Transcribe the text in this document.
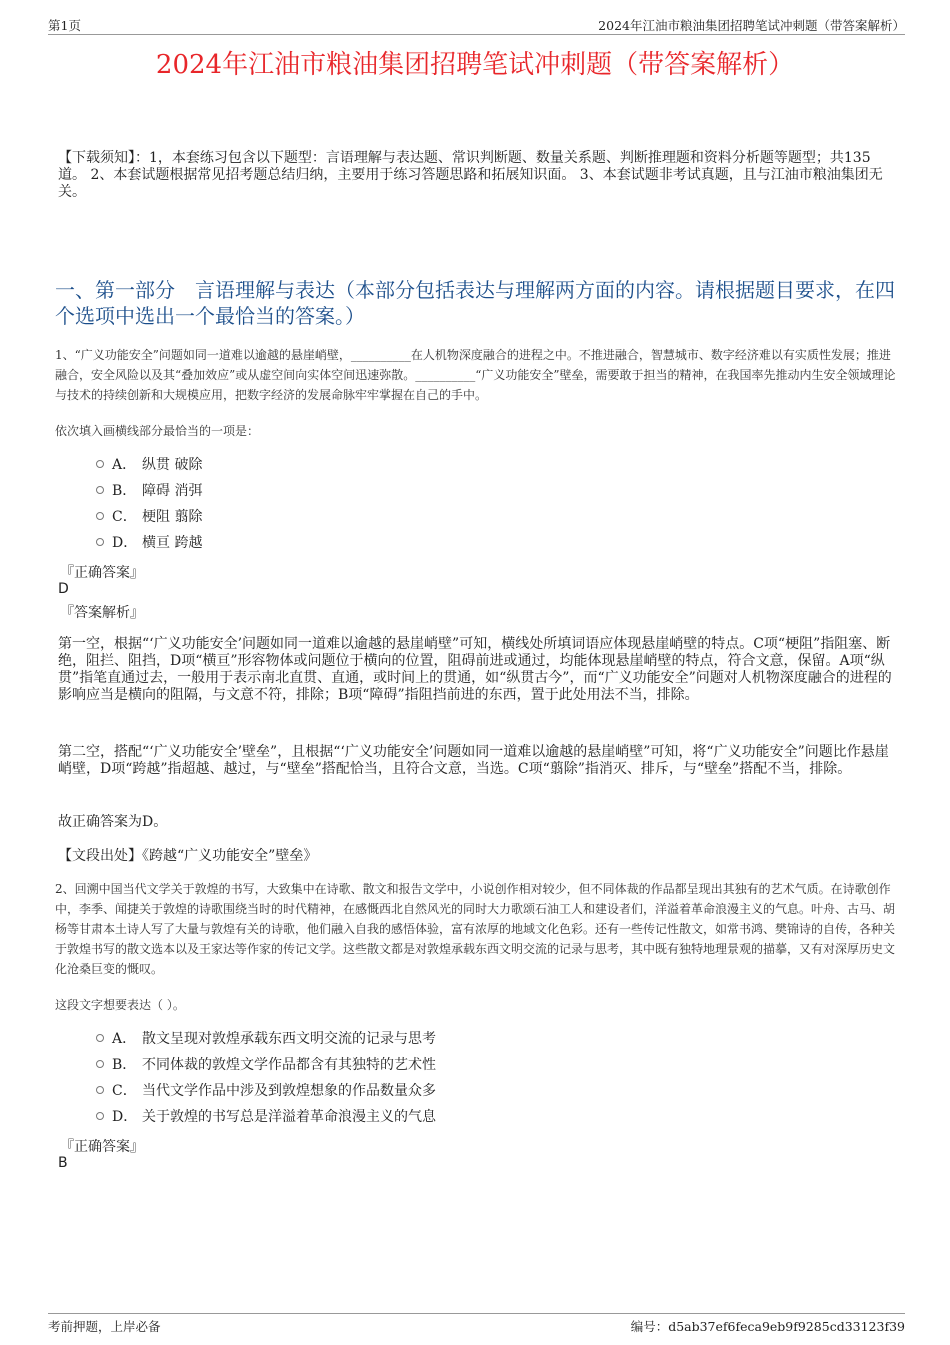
第1页	2024年江油市粮油集团招聘笔试冲刺题（带答案解析）
2024年江油市粮油集团招聘笔试冲刺题（带答案解析）
【下载须知】：1，本套练习包含以下题型：言语理解与表达题、常识判断题、数量关系题、判断推理题和资料分析题等题型；共135道。 2、本套试题根据常见招考题总结归纳，主要用于练习答题思路和拓展知识面。 3、本套试题非考试真题，且与江油市粮油集团无关。
一、第一部分　言语理解与表达（本部分包括表达与理解两方面的内容。请根据题目要求，在四个选项中选出一个最恰当的答案。）
1、“广义功能安全”问题如同一道难以逾越的悬崖峭壁，__________在人机物深度融合的进程之中。不推进融合，智慧城市、数字经济难以有实质性发展；推进融合，安全风险以及其“叠加效应”或从虚空间向实体空间迅速弥散。__________“广义功能安全”壁垒，需要敢于担当的精神，在我国率先推动内生安全领域理论与技术的持续创新和大规模应用，把数字经济的发展命脉牢牢掌握在自己的手中。
依次填入画横线部分最恰当的一项是：
A． 纵贯 破除
B． 障碍 消弭
C． 梗阻 翦除
D． 横亘 跨越
『正确答案』
D
『答案解析』
第一空，根据“‘广义功能安全’问题如同一道难以逾越的悬崖峭壁”可知，横线处所填词语应体现悬崖峭壁的特点。C项“梗阻”指阻塞、断绝，阻拦、阻挡，D项“横亘”形容物体或问题位于横向的位置，阻碍前进或通过，均能体现悬崖峭壁的特点，符合文意，保留。A项“纵贯”指笔直通过去，一般用于表示南北直贯、直通，或时间上的贯通，如“纵贯古今”，而“广义功能安全”问题对人机物深度融合的进程的影响应当是横向的阻隔，与文意不符，排除；B项“障碍”指阻挡前进的东西，置于此处用法不当，排除。
第二空，搭配“‘广义功能安全’壁垒”，且根据“‘广义功能安全’问题如同一道难以逾越的悬崖峭壁”可知，将“广义功能安全”问题比作悬崖峭壁，D项“跨越”指超越、越过，与“壁垒”搭配恰当，且符合文意，当选。C项“翦除”指消灭、排斥，与“壁垒”搭配不当，排除。
故正确答案为D。
【文段出处】《跨越“广义功能安全”壁垒》
2、回溯中国当代文学关于敦煌的书写，大致集中在诗歌、散文和报告文学中，小说创作相对较少，但不同体裁的作品都呈现出其独有的艺术气质。在诗歌创作中，李季、闻捷关于敦煌的诗歌围绕当时的时代精神，在感慨西北自然风光的同时大力歌颂石油工人和建设者们，洋溢着革命浪漫主义的气息。叶舟、古马、胡杨等甘肃本土诗人写了大量与敦煌有关的诗歌，他们融入自我的感悟体验，富有浓厚的地域文化色彩。还有一些传记性散文，如常书鸿、樊锦诗的自传，各种关于敦煌书写的散文选本以及王家达等作家的传记文学。这些散文都是对敦煌承载东西文明交流的记录与思考，其中既有独特地理景观的描摹，又有对深厚历史文化沧桑巨变的慨叹。
这段文字想要表达（ ）。
A． 散文呈现对敦煌承载东西文明交流的记录与思考
B． 不同体裁的敦煌文学作品都含有其独特的艺术性
C． 当代文学作品中涉及到敦煌想象的作品数量众多
D． 关于敦煌的书写总是洋溢着革命浪漫主义的气息
『正确答案』
B
考前押题，上岸必备	编号：d5ab37ef6feca9eb9f9285cd33123f39
